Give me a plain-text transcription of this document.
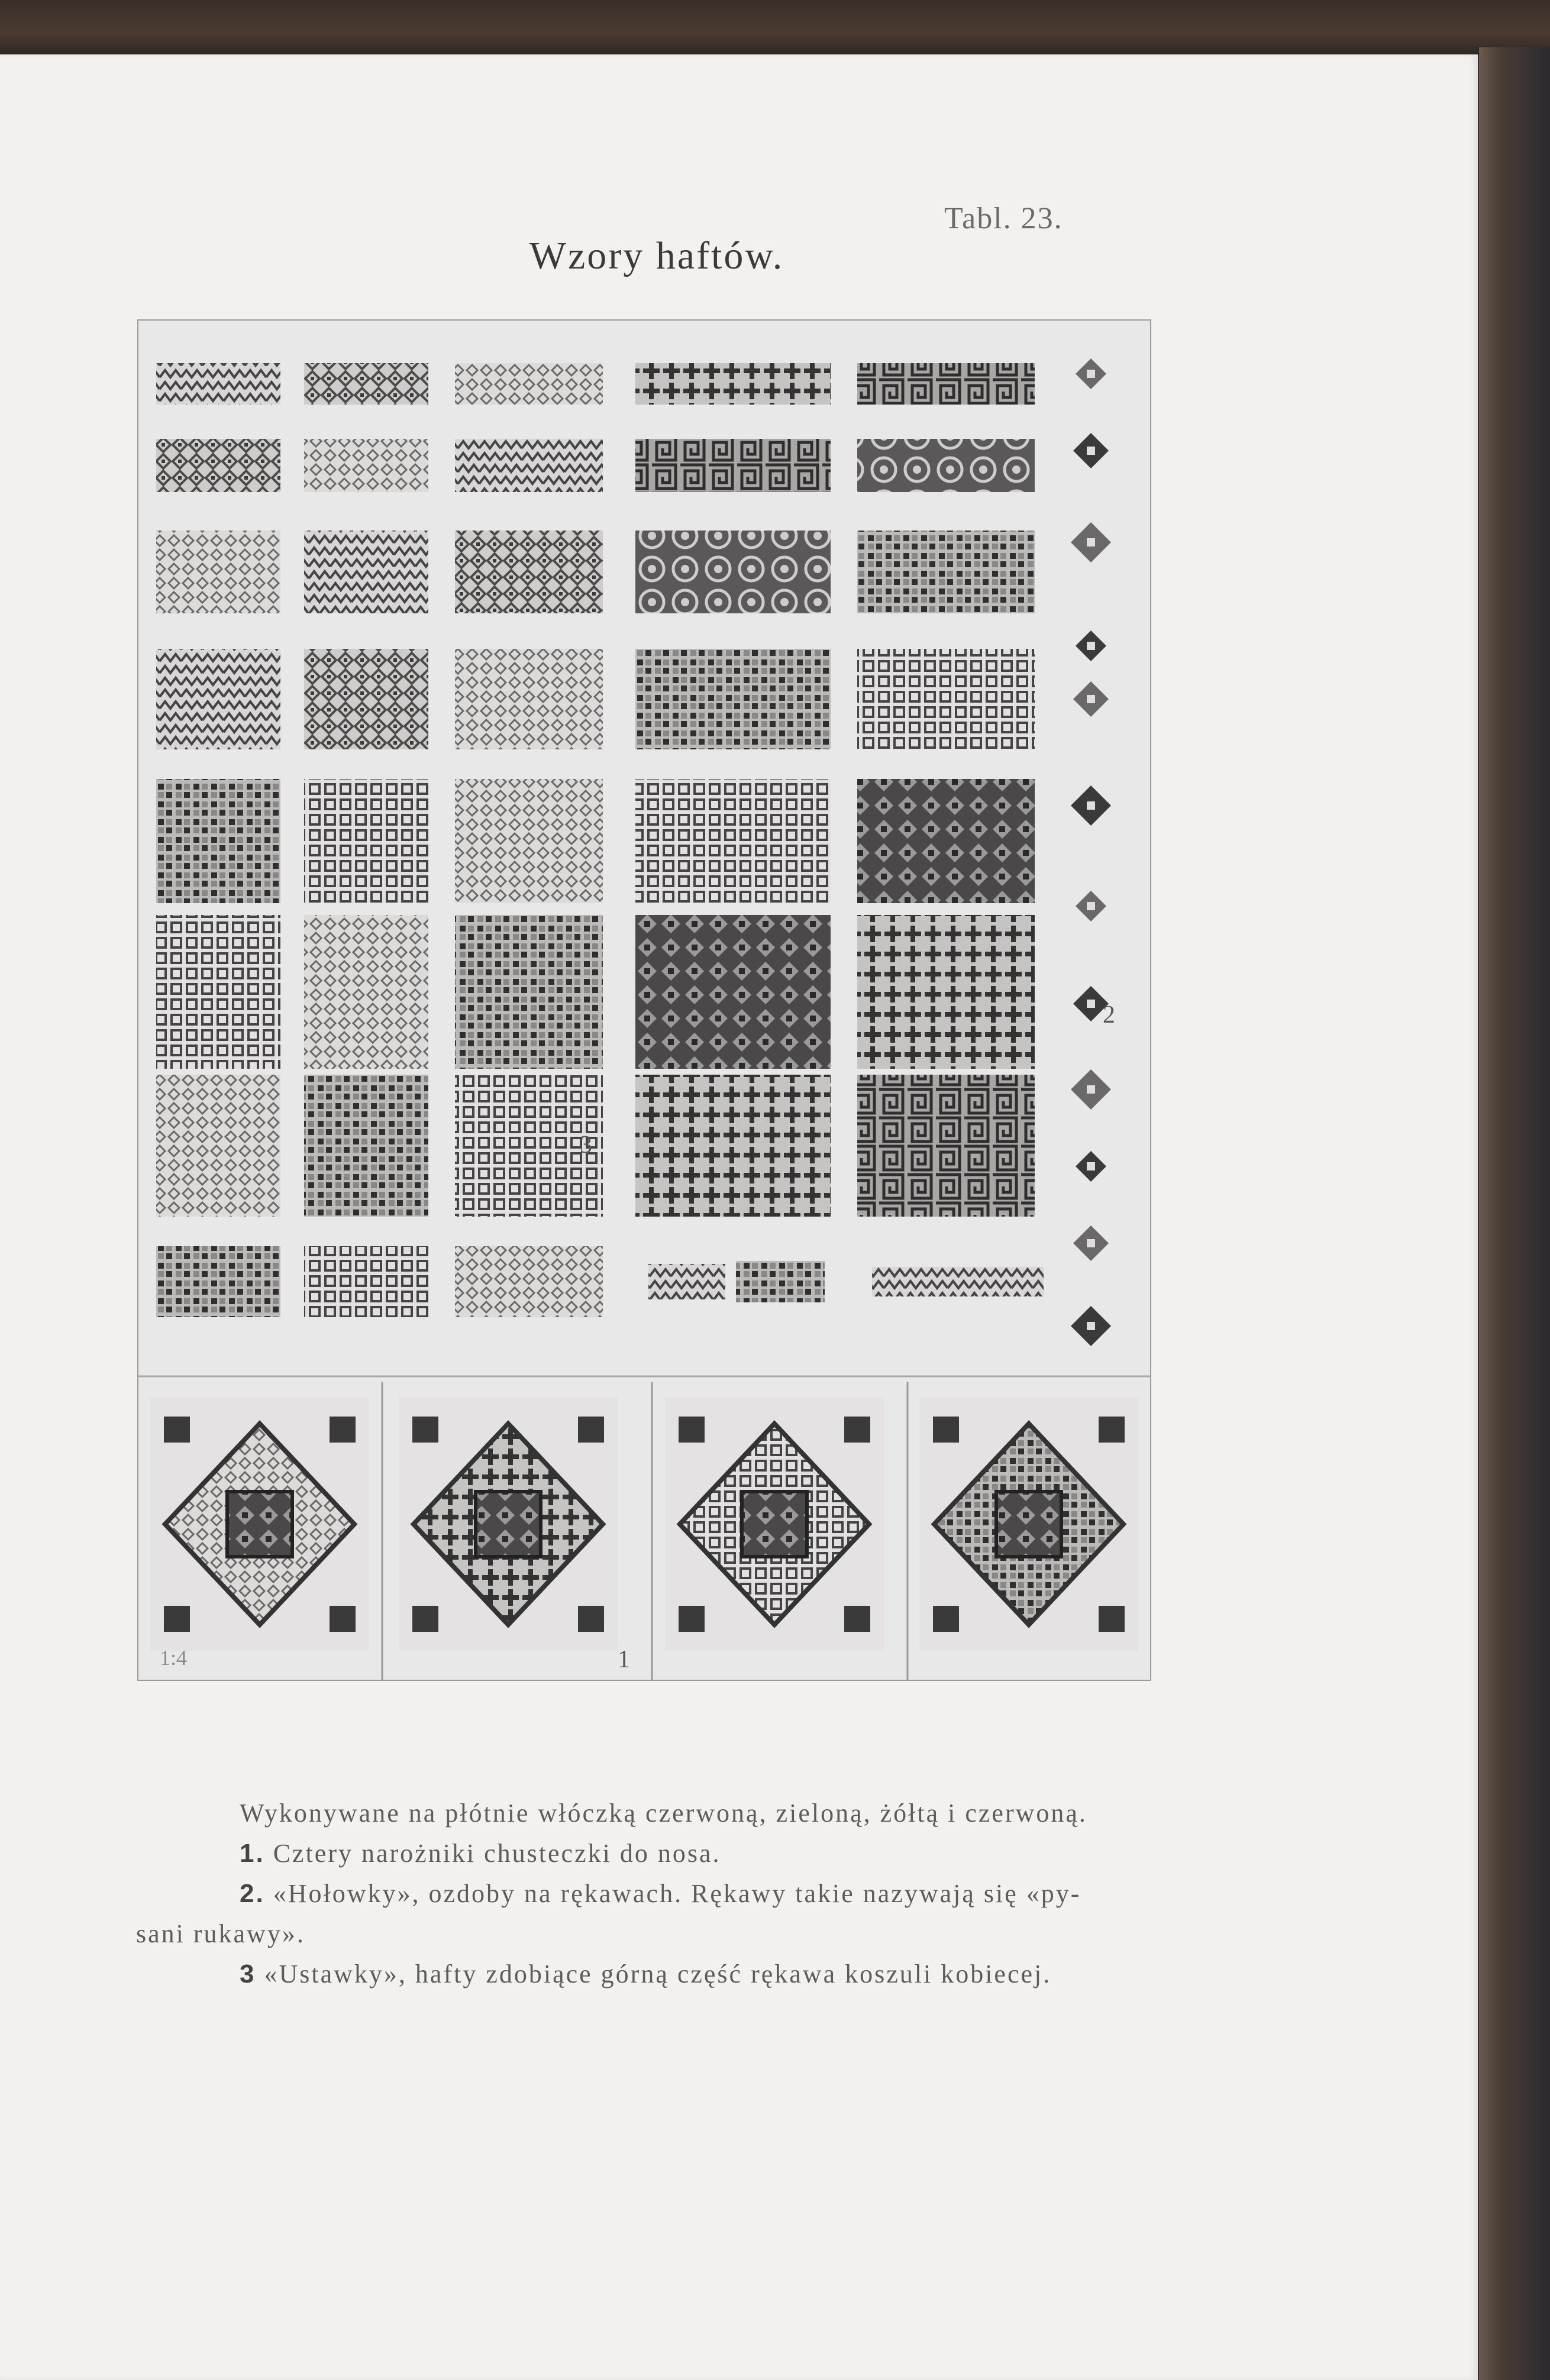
Tabl. 23.
Wzory haftów.
3
2
1
1:4
Wykonywane na płótnie włóczką czerwoną, zieloną, żółtą i czerwoną.
1. Cztery narożniki chusteczki do nosa.
2. «Hołowky», ozdoby na rękawach. Rękawy takie nazywają się «py-
sani rukawy».
3 «Ustawky», hafty zdobiące górną część rękawa koszuli kobiecej.
